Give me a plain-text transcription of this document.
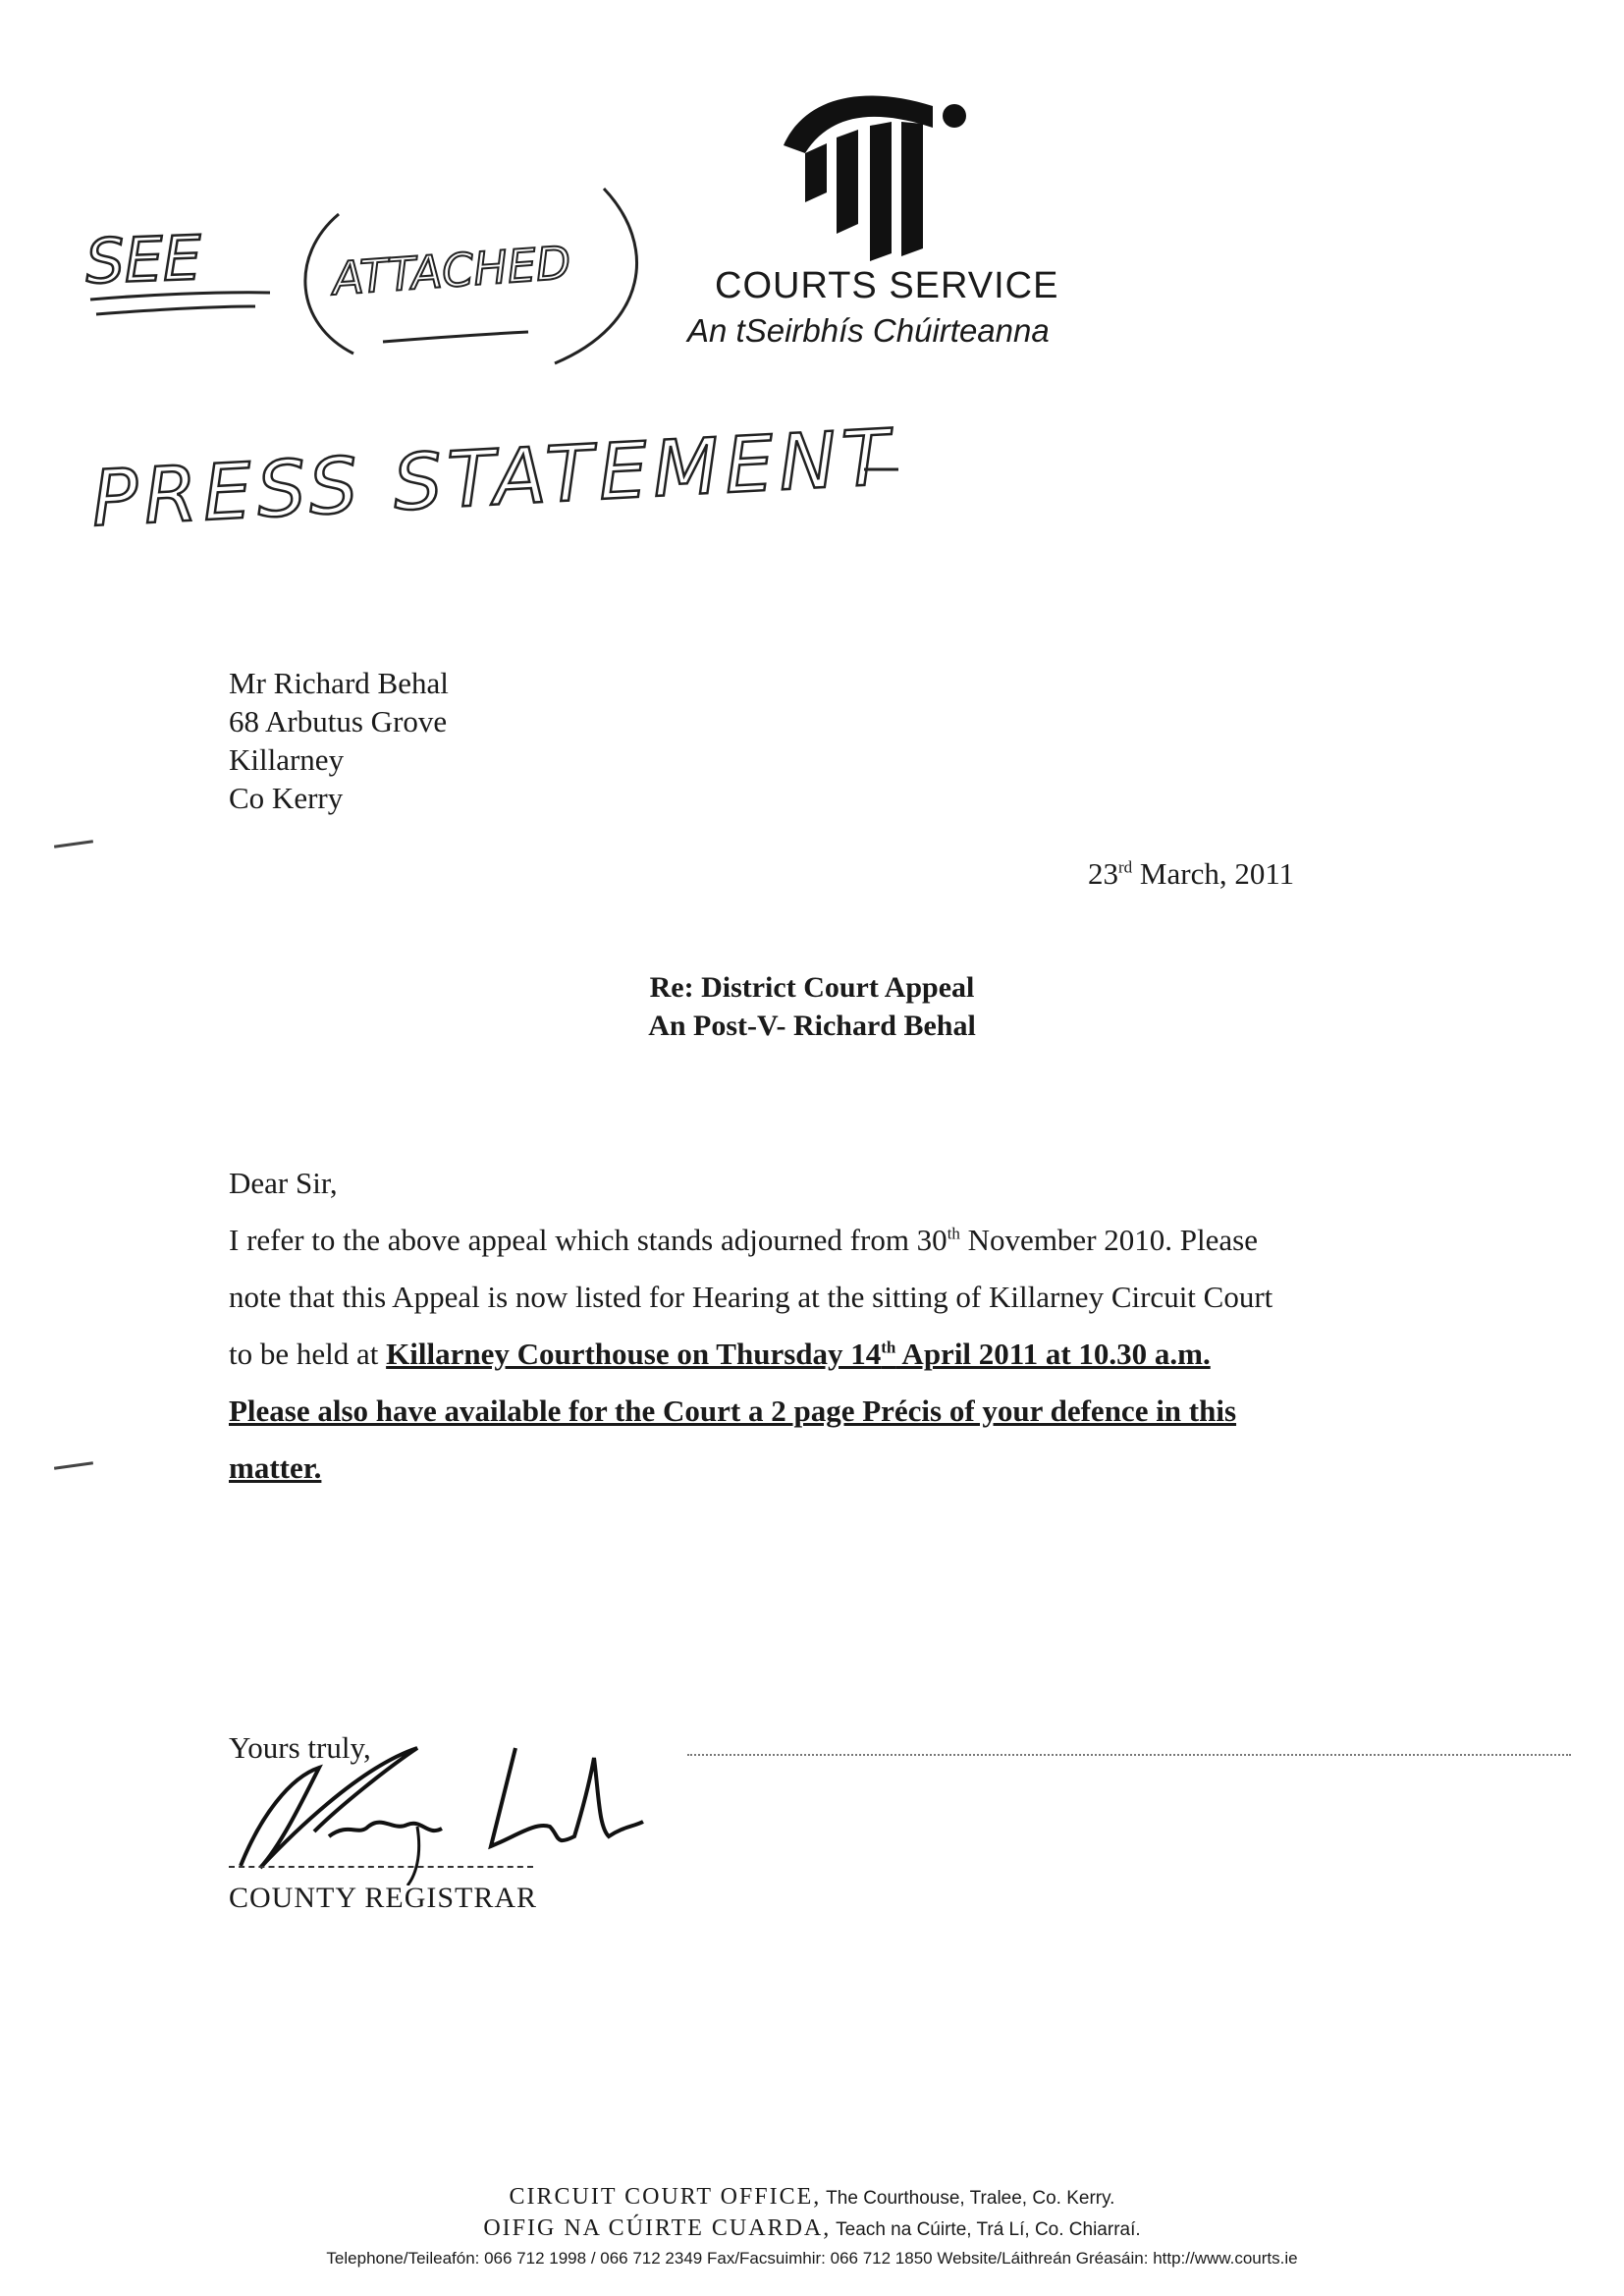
COURTS SERVICE
An tSeirbhís Chúirteanna
SEE	ATTACHED
PRESS STATEMENT
Mr Richard Behal
68 Arbutus Grove
Killarney
Co Kerry
23rd March, 2011
Re: District Court Appeal
An Post-V- Richard Behal
Dear Sir,
I refer to the above appeal which stands adjourned from 30th November 2010. Please
note that this Appeal is now listed for Hearing at the sitting of Killarney Circuit Court
to be held at Killarney Courthouse on Thursday 14th April 2011 at 10.30 a.m.
Please also have available for the Court a 2 page Précis of your defence in this
matter.
Yours truly,
COUNTY REGISTRAR
CIRCUIT COURT OFFICE, The Courthouse, Tralee, Co. Kerry.
OIFIG NA CÚIRTE CUARDA, Teach na Cúirte, Trá Lí, Co. Chiarraí.
Telephone/Teileafón: 066 712 1998 / 066 712 2349 Fax/Facsuimhir: 066 712 1850 Website/Láithreán Gréasáin: http://www.courts.ie
